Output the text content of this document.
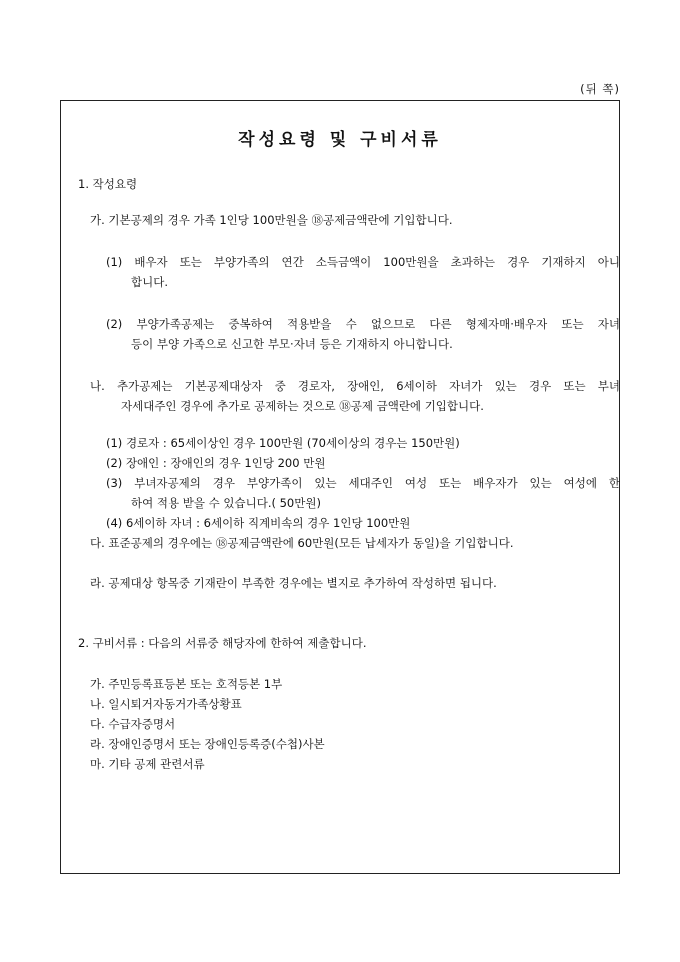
(뒤 쪽)
작성요령 및 구비서류
1. 작성요령
가. 기본공제의 경우 가족 1인당 100만원을 ⑱공제금액란에 기입합니다.
(1) 배우자 또는 부양가족의 연간 소득금액이 100만원을 초과하는 경우 기재하지 아니
합니다.
(2) 부양가족공제는 중복하여 적용받을 수 없으므로 다른 형제자매·배우자 또는 자녀
등이 부양 가족으로 신고한 부모·자녀 등은 기재하지 아니합니다.
나. 추가공제는 기본공제대상자 중 경로자, 장애인, 6세이하 자녀가 있는 경우 또는 부녀
자세대주인 경우에 추가로 공제하는 것으로 ⑱공제 금액란에 기입합니다.
(1) 경로자 : 65세이상인 경우 100만원 (70세이상의 경우는 150만원)
(2) 장애인 : 장애인의 경우 1인당 200 만원
(3) 부녀자공제의 경우 부양가족이 있는 세대주인 여성 또는 배우자가 있는 여성에 한
하여 적용 받을 수 있습니다.( 50만원)
(4) 6세이하 자녀 : 6세이하 직계비속의 경우 1인당 100만원
다. 표준공제의 경우에는 ⑱공제금액란에 60만원(모든 납세자가 동일)을 기입합니다.
라. 공제대상 항목중 기재란이 부족한 경우에는 별지로 추가하여 작성하면 됩니다.
2. 구비서류 : 다음의 서류중 해당자에 한하여 제출합니다.
가. 주민등록표등본 또는 호적등본 1부
나. 일시퇴거자동거가족상황표
다. 수급자증명서
라. 장애인증명서 또는 장애인등록증(수첩)사본
마. 기타 공제 관련서류
